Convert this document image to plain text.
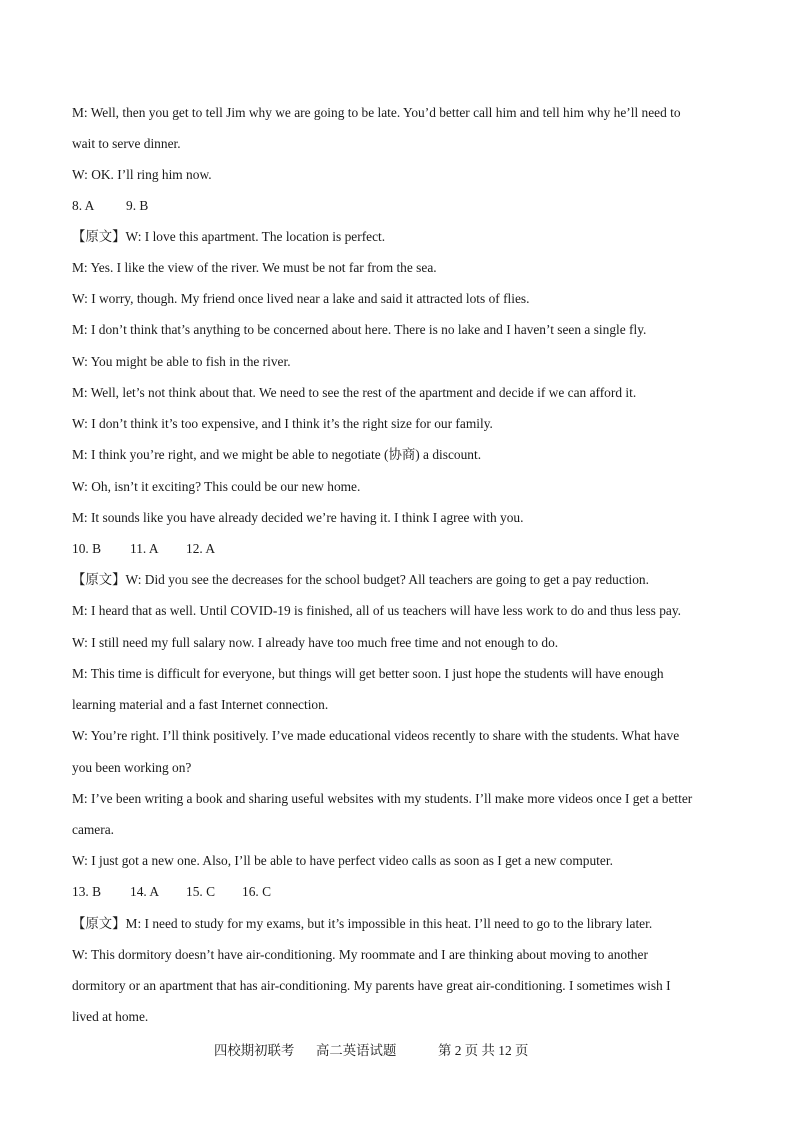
M: Well, then you get to tell Jim why we are going to be late. You’d better call him and tell him why he’ll need to
wait to serve dinner.
W: OK. I’ll ring him now.
8. A 9. B
【原文】W: I love this apartment. The location is perfect.
M: Yes. I like the view of the river. We must be not far from the sea.
W: I worry, though. My friend once lived near a lake and said it attracted lots of flies.
M: I don’t think that’s anything to be concerned about here. There is no lake and I haven’t seen a single fly.
W: You might be able to fish in the river.
M: Well, let’s not think about that. We need to see the rest of the apartment and decide if we can afford it.
W: I don’t think it’s too expensive, and I think it’s the right size for our family.
M: I think you’re right, and we might be able to negotiate (协商) a discount.
W: Oh, isn’t it exciting? This could be our new home.
M: It sounds like you have already decided we’re having it. I think I agree with you.
10. B 11. A 12. A
【原文】W: Did you see the decreases for the school budget? All teachers are going to get a pay reduction.
M: I heard that as well. Until COVID-19 is finished, all of us teachers will have less work to do and thus less pay.
W: I still need my full salary now. I already have too much free time and not enough to do.
M: This time is difficult for everyone, but things will get better soon. I just hope the students will have enough
learning material and a fast Internet connection.
W: You’re right. I’ll think positively. I’ve made educational videos recently to share with the students. What have
you been working on?
M: I’ve been writing a book and sharing useful websites with my students. I’ll make more videos once I get a better
camera.
W: I just got a new one. Also, I’ll be able to have perfect video calls as soon as I get a new computer.
13. B 14. A 15. C 16. C
【原文】M: I need to study for my exams, but it’s impossible in this heat. I’ll need to go to the library later.
W: This dormitory doesn’t have air-conditioning. My roommate and I are thinking about moving to another
dormitory or an apartment that has air-conditioning. My parents have great air-conditioning. I sometimes wish I
lived at home.
四校期初联考 高二英语试题	第 2 页 共 12 页
